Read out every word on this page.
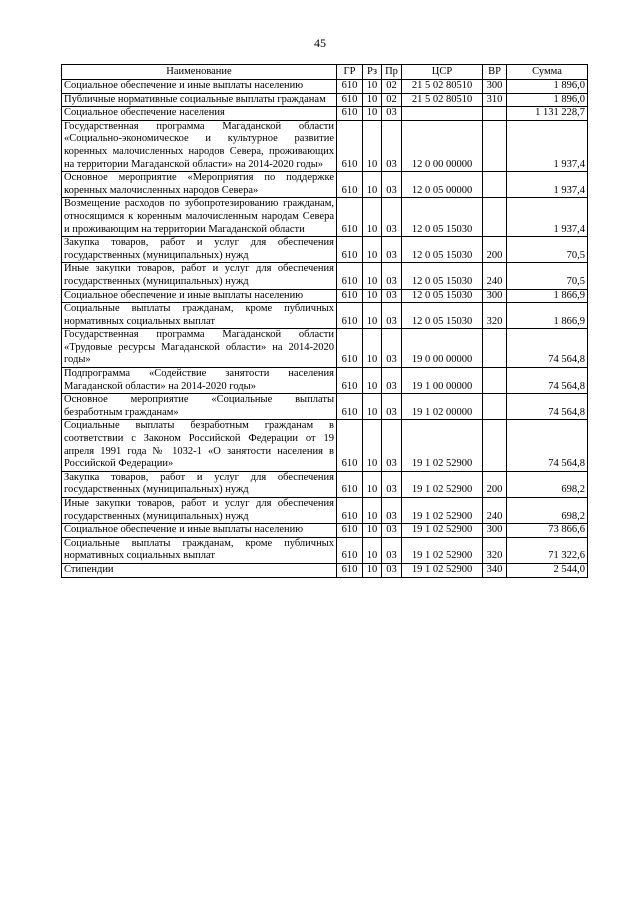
45
Наименование	ГР	Рз	Пр	ЦСР	ВР	Сумма
Социальное обеспечение и иные выплаты населению	610	10	02	21 5 02 80510	300	1 896,0
Публичные нормативные социальные выплаты гражданам	610	10	02	21 5 02 80510	310	1 896,0
Социальное обеспечение населения	610	10	03			1 131 228,7
Государственная программа Магаданской области «Социально-экономическое и культурное развитие коренных малочисленных народов Севера, проживающих на территории Магаданской области» на 2014-2020 годы»	610	10	03	12 0 00 00000		1 937,4
Основное мероприятие «Мероприятия по поддержке коренных малочисленных народов Севера»	610	10	03	12 0 05 00000		1 937,4
Возмещение расходов по зубопротезированию гражданам, относящимся к коренным малочисленным народам Севера и проживающим на территории Магаданской области	610	10	03	12 0 05 15030		1 937,4
Закупка товаров, работ и услуг для обеспечения государственных (муниципальных) нужд	610	10	03	12 0 05 15030	200	70,5
Иные закупки товаров, работ и услуг для обеспечения государственных (муниципальных) нужд	610	10	03	12 0 05 15030	240	70,5
Социальное обеспечение и иные выплаты населению	610	10	03	12 0 05 15030	300	1 866,9
Социальные выплаты гражданам, кроме публичных нормативных социальных выплат	610	10	03	12 0 05 15030	320	1 866,9
Государственная программа Магаданской области «Трудовые ресурсы Магаданской области» на 2014-2020 годы»	610	10	03	19 0 00 00000		74 564,8
Подпрограмма «Содействие занятости населения Магаданской области» на 2014-2020 годы»	610	10	03	19 1 00 00000		74 564,8
Основное мероприятие «Социальные выплаты безработным гражданам»	610	10	03	19 1 02 00000		74 564,8
Социальные выплаты безработным гражданам в соответствии с Законом Российской Федерации от 19 апреля 1991 года № 1032-1 «О занятости населения в Российской Федерации»	610	10	03	19 1 02 52900		74 564,8
Закупка товаров, работ и услуг для обеспечения государственных (муниципальных) нужд	610	10	03	19 1 02 52900	200	698,2
Иные закупки товаров, работ и услуг для обеспечения государственных (муниципальных) нужд	610	10	03	19 1 02 52900	240	698,2
Социальное обеспечение и иные выплаты населению	610	10	03	19 1 02 52900	300	73 866,6
Социальные выплаты гражданам, кроме публичных нормативных социальных выплат	610	10	03	19 1 02 52900	320	71 322,6
Стипендии	610	10	03	19 1 02 52900	340	2 544,0
